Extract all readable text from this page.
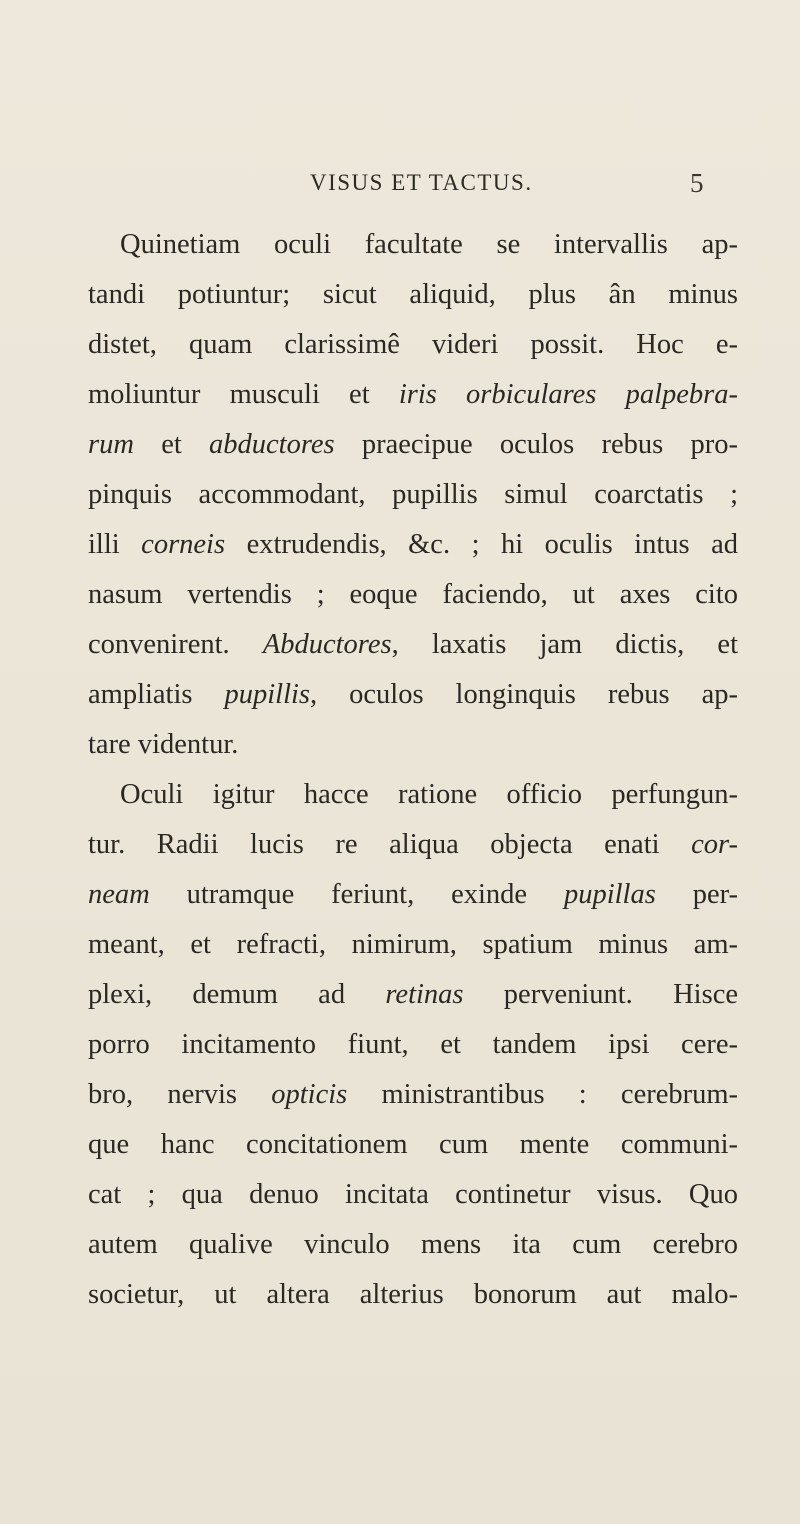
VISUS ET TACTUS.	5
Quinetiam oculi facultate se intervallis ap-
tandi potiuntur; sicut aliquid, plus ân minus
distet, quam clarissimê videri possit. Hoc e-
moliuntur musculi et iris orbiculares palpebra-
rum et abductores praecipue oculos rebus pro-
pinquis accommodant, pupillis simul coarctatis ;
illi corneis extrudendis, &c. ; hi oculis intus ad
nasum vertendis ; eoque faciendo, ut axes cito
convenirent. Abductores, laxatis jam dictis, et
ampliatis pupillis, oculos longinquis rebus ap-
tare videntur.
Oculi igitur hacce ratione officio perfungun-
tur. Radii lucis re aliqua objecta enati cor-
neam utramque feriunt, exinde pupillas per-
meant, et refracti, nimirum, spatium minus am-
plexi, demum ad retinas perveniunt. Hisce
porro incitamento fiunt, et tandem ipsi cere-
bro, nervis opticis ministrantibus : cerebrum-
que hanc concitationem cum mente communi-
cat ; qua denuo incitata continetur visus. Quo
autem qualive vinculo mens ita cum cerebro
societur, ut altera alterius bonorum aut malo-
